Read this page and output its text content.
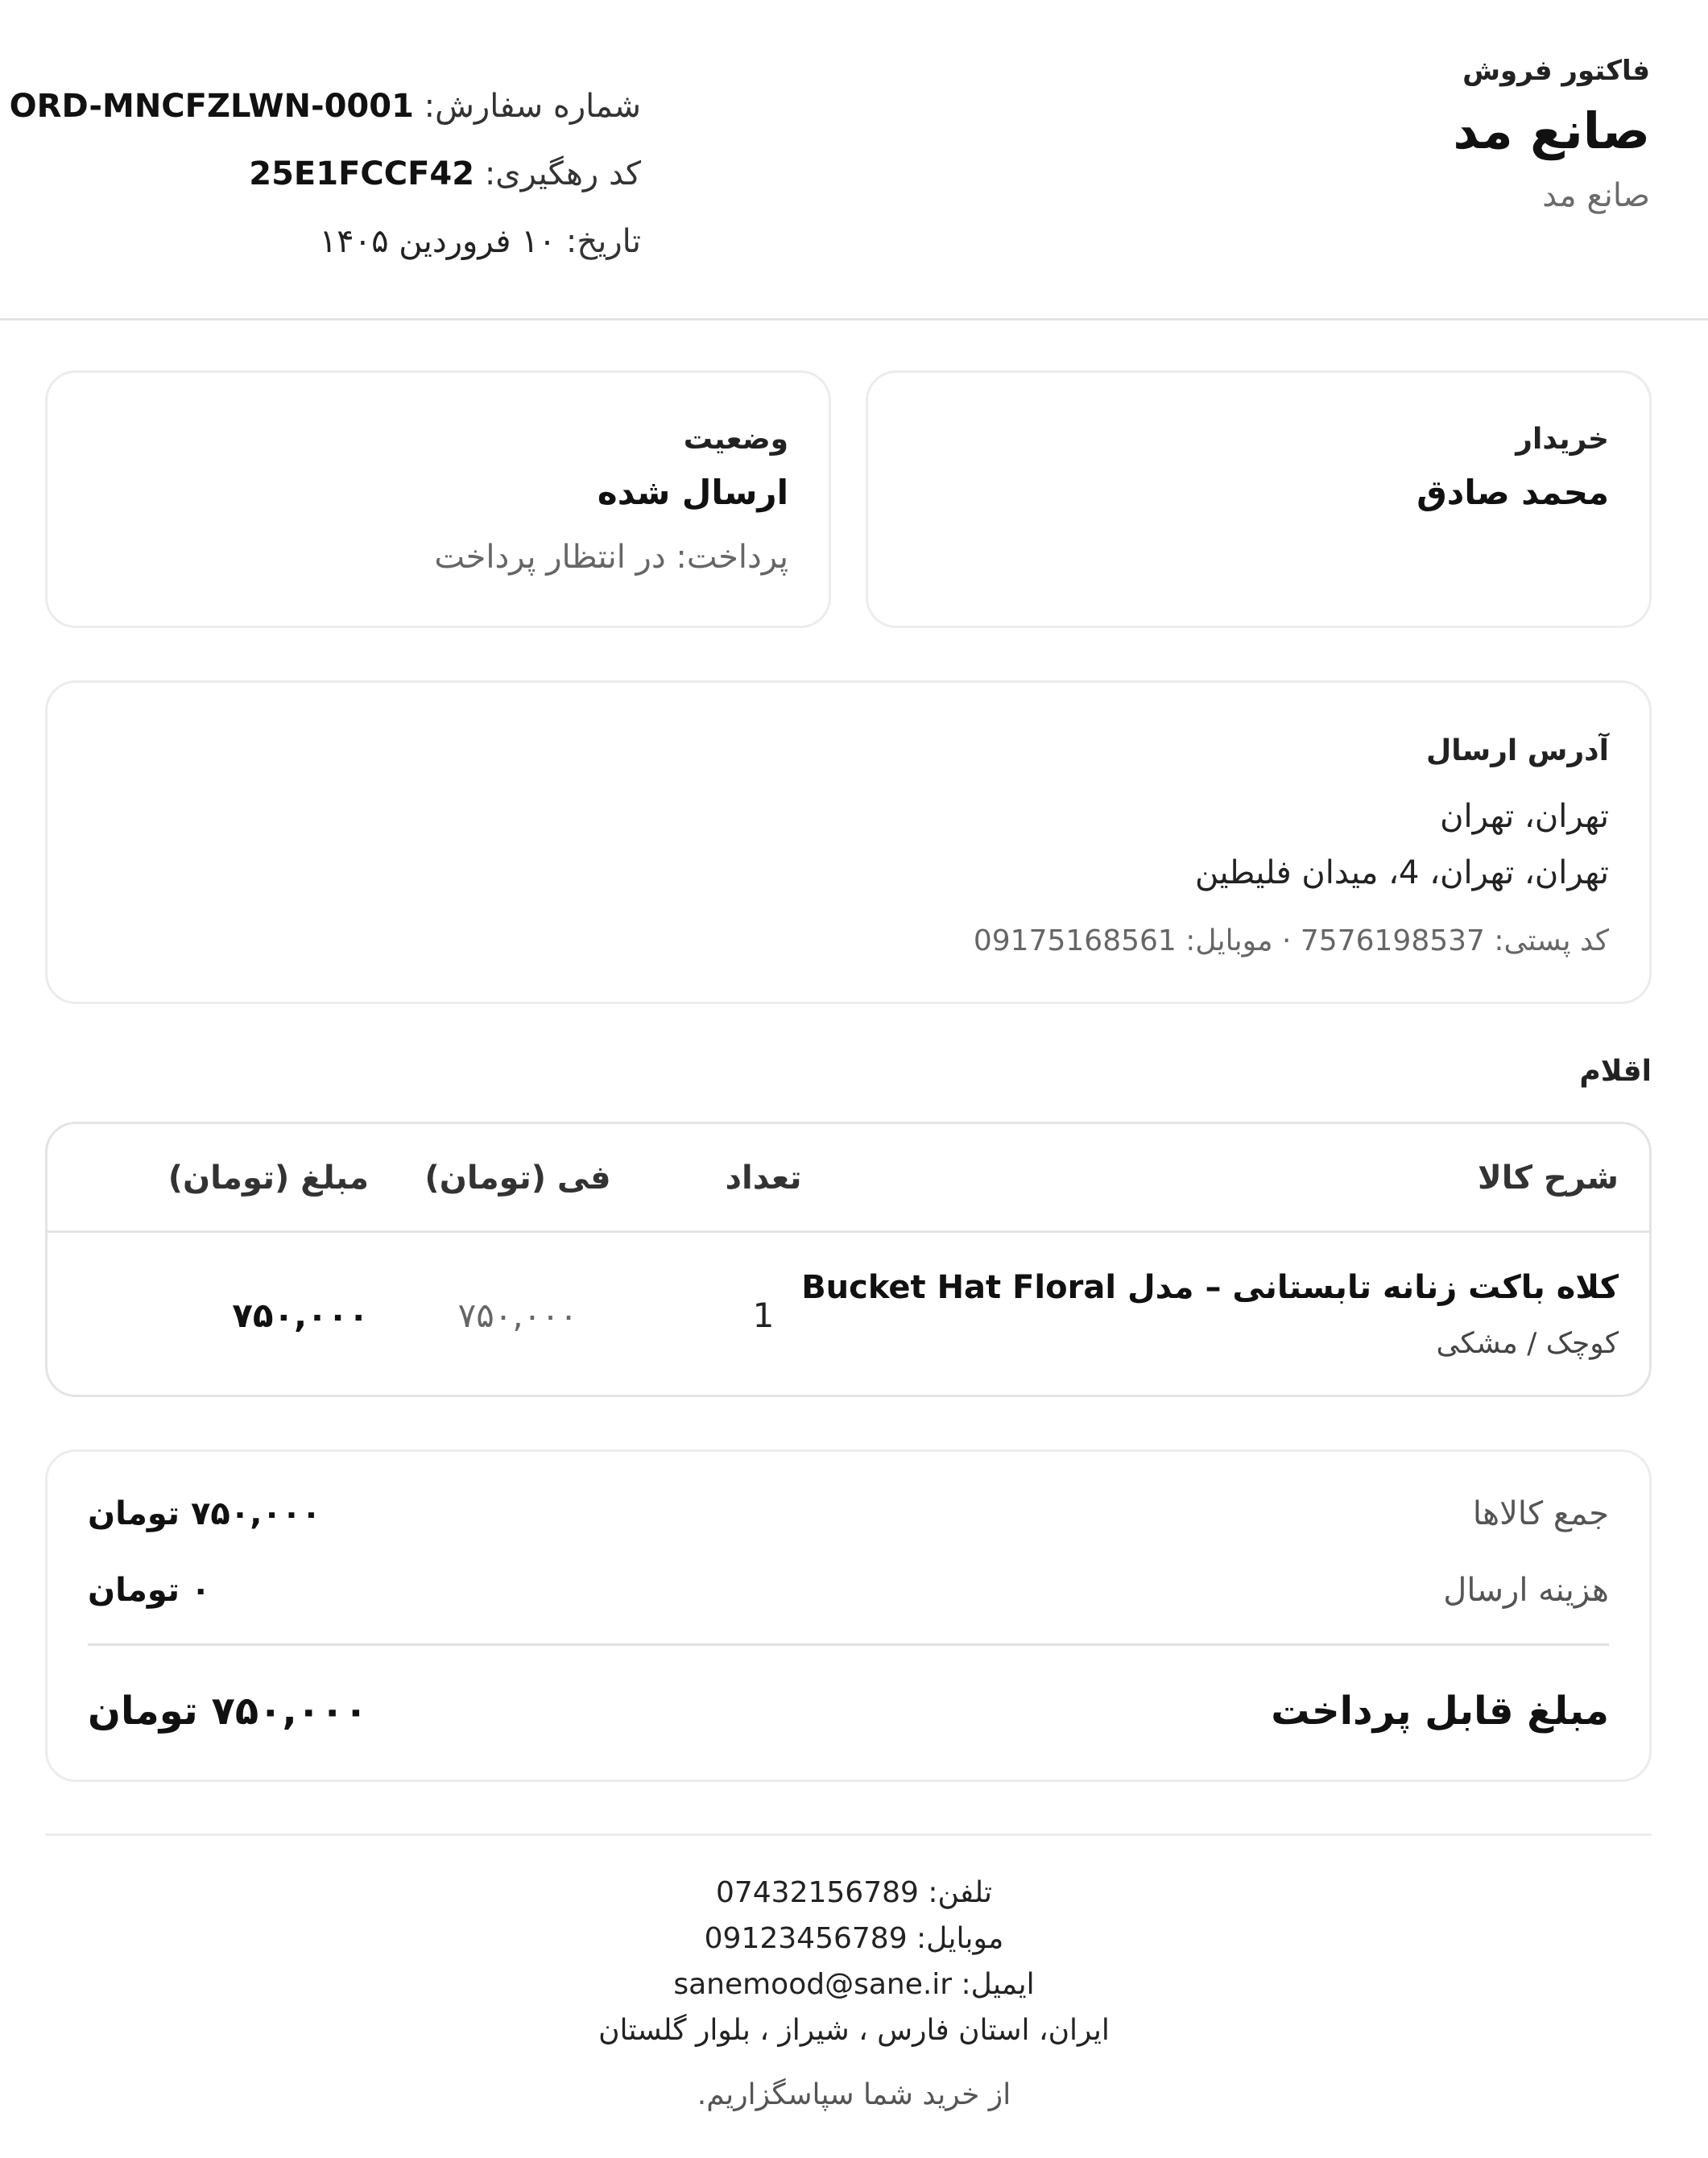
فاکتور فروش
صانع مد
صانع مد
شماره سفارش: ORD-MNCFZLWN-0001
کد رهگیری: 25E1FCCF42
تاریخ: ۱۰ فروردین ۱۴۰۵
خریدار
محمد صادق
وضعیت
ارسال شده
پرداخت: در انتظار پرداخت
آدرس ارسال
تهران، تهران
تهران، تهران، 4، میدان فلیطین
کد پستی: 7576198537 · موبایل: 09175168561
اقلام
شرح کالا
تعداد
فی (تومان)
مبلغ (تومان)
کلاه باکت زنانه تابستانی – مدل Bucket Hat Floral
کوچک / مشکی
1
۷۵۰,۰۰۰
۷۵۰,۰۰۰
جمع کالاها
۷۵۰,۰۰۰ تومان
هزینه ارسال
۰ تومان
مبلغ قابل پرداخت
۷۵۰,۰۰۰ تومان
تلفن: 07432156789
موبایل: 09123456789
ایمیل: sanemood@sane.ir
ایران، استان فارس ، شیراز ، بلوار گلستان
از خرید شما سپاسگزاریم.
